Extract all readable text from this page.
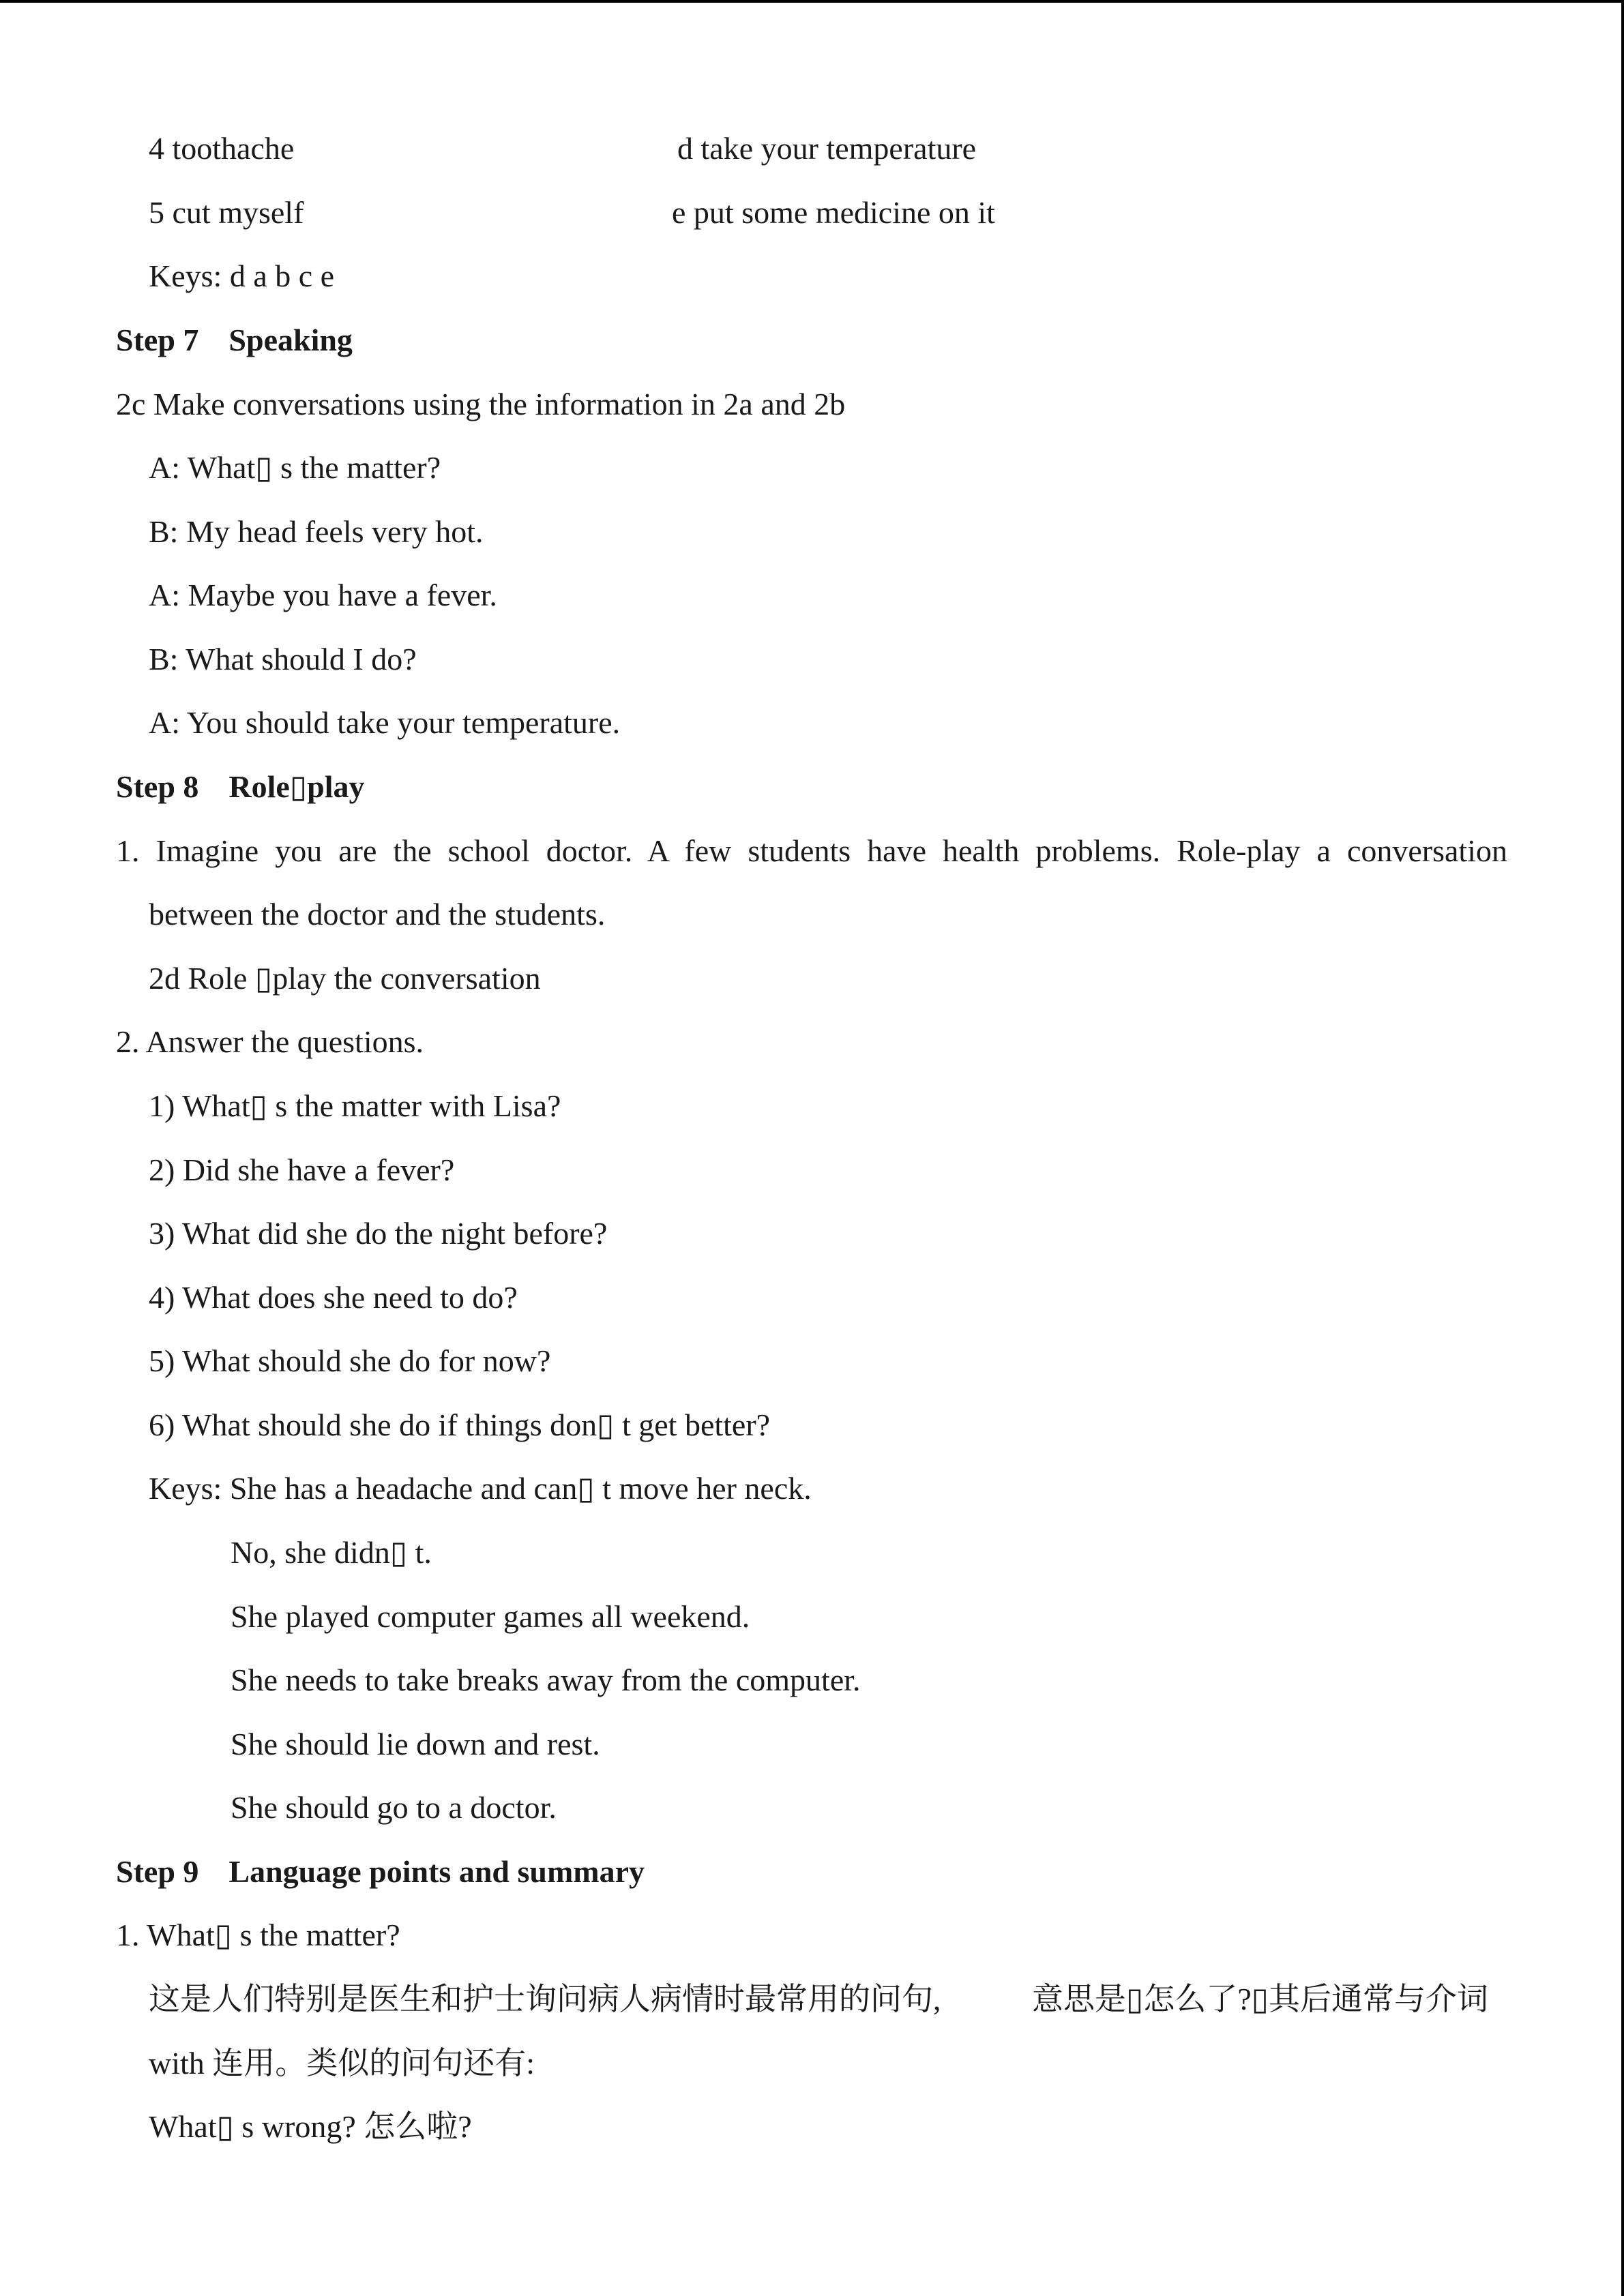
4 toothache	d take your temperature
5 cut myself	e put some medicine on it
Keys: d a b c e
Step 7 Speaking
2c Make conversations using the information in 2a and 2b
A: What▯ s the matter?
B: My head feels very hot.
A: Maybe you have a fever.
B: What should I do?
A: You should take your temperature.
Step 8 Role▯play
1. Imagine you are the school doctor. A few students have health problems. Role-play a conversation
between the doctor and the students.
2d Role ▯play the conversation
2. Answer the questions.
1) What▯ s the matter with Lisa?
2) Did she have a fever?
3) What did she do the night before?
4) What does she need to do?
5) What should she do for now?
6) What should she do if things don▯ t get better?
Keys: She has a headache and can▯ t move her neck.
No, she didn▯ t.
She played computer games all weekend.
She needs to take breaks away from the computer.
She should lie down and rest.
She should go to a doctor.
Step 9 Language points and summary
1. What▯ s the matter?
这是人们特别是医生和护士询问病人病情时最常用的问句,	意思是▯怎么了?▯其后通常与介词
with 连用。类似的问句还有:
What▯ s wrong? 怎么啦?
